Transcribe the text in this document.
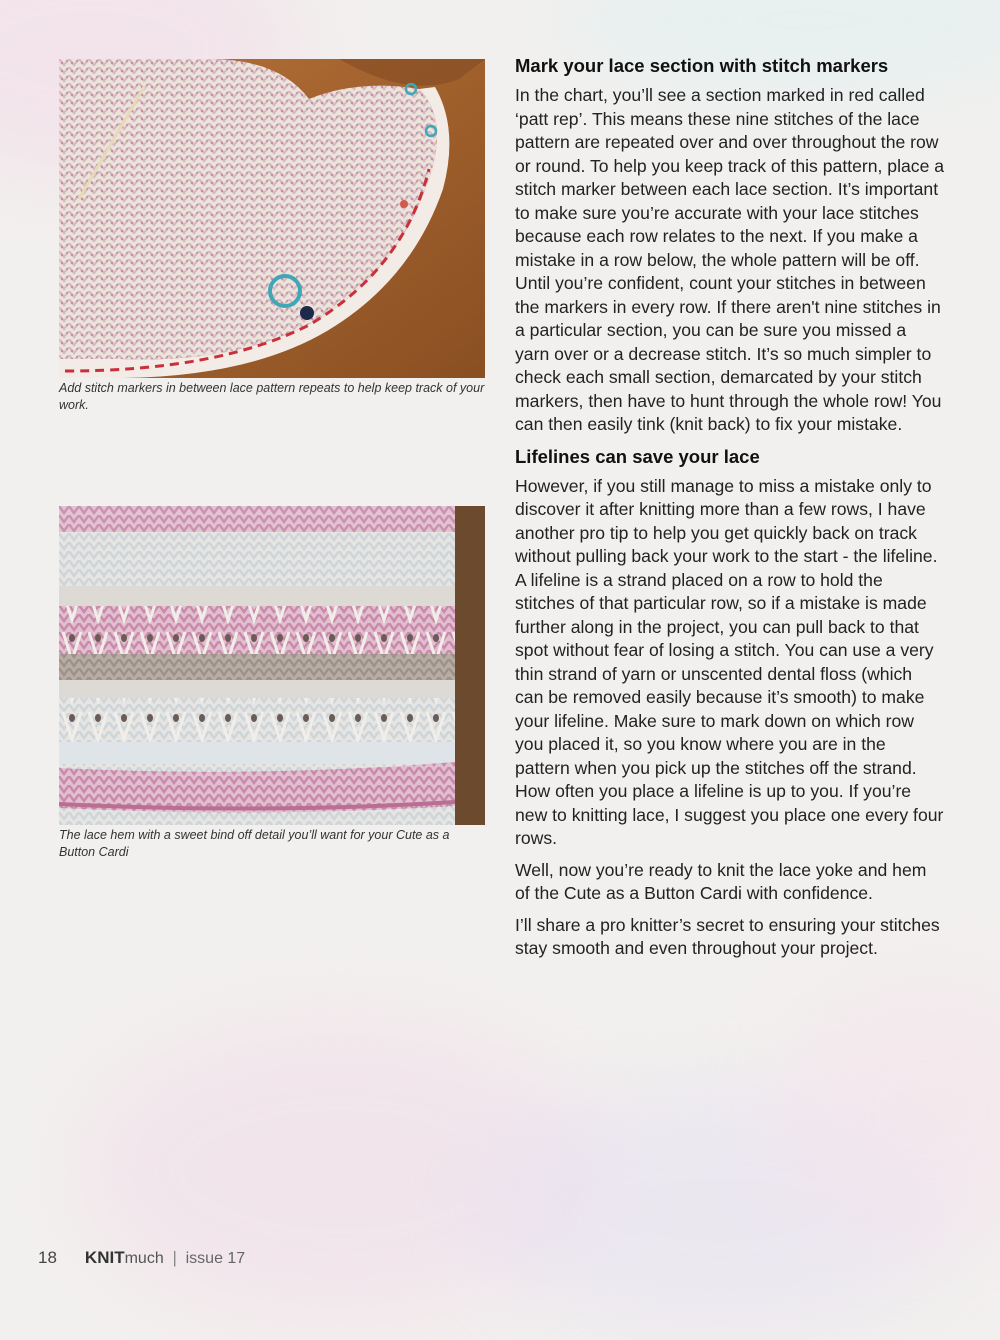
Add stitch markers in between lace pattern repeats to help keep track of your work.

The lace hem with a sweet bind off detail you’ll want for your Cute as a Button Cardi

Mark your lace section with stitch markers

In the chart, you’ll see a section marked in red called ‘patt rep’. This means these nine stitches of the lace pattern are repeated over and over throughout the row or round. To help you keep track of this pattern, place a stitch marker between each lace section. It’s important to make sure you’re accurate with your lace stitches because each row relates to the next. If you make a mistake in a row below, the whole pattern will be off. Until you’re confident, count your stitches in between the markers in every row. If there aren't nine stitches in a particular section, you can be sure you missed a yarn over or a decrease stitch. It’s so much simpler to check each small section, demarcated by your stitch markers, then have to hunt through the whole row! You can then easily tink (knit back) to fix your mistake.

Lifelines can save your lace

However, if you still manage to miss a mistake only to discover it after knitting more than a few rows, I have another pro tip to help you get quickly back on track without pulling back your work to the start - the lifeline. A lifeline is a strand placed on a row to hold the stitches of that particular row, so if a mistake is made further along in the project, you can pull back to that spot without fear of losing a stitch. You can use a very thin strand of yarn or unscented dental floss (which can be removed easily because it’s smooth) to make your lifeline. Make sure to mark down on which row you placed it, so you know where you are in the pattern when you pick up the stitches off the strand. How often you place a lifeline is up to you. If you’re new to knitting lace, I suggest you place one every four rows.

Well, now you’re ready to knit the lace yoke and hem of the Cute as a Button Cardi with confidence.

I’ll share a pro knitter’s secret to ensuring your stitches stay smooth and even throughout your project.

18 KNITmuch | issue 17
